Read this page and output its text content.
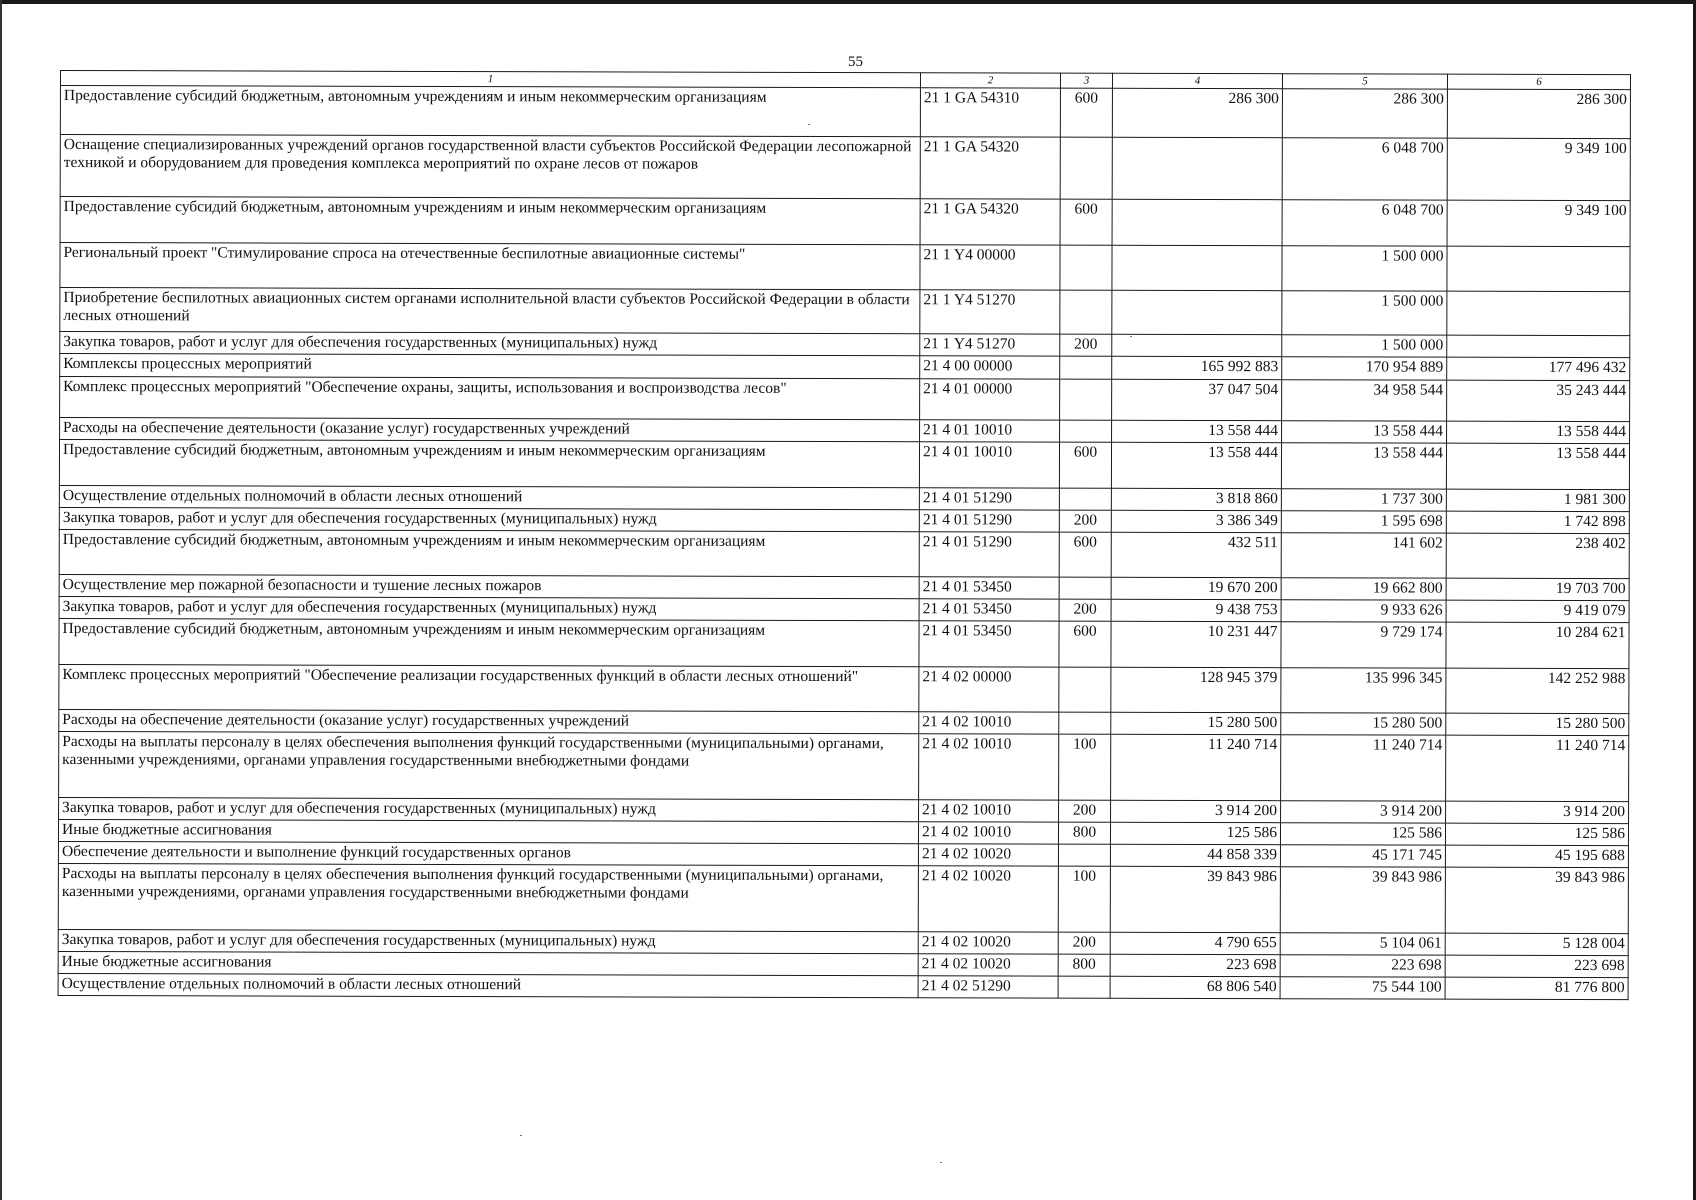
55
1	2	3	4	5	6
Предоставление субсидий бюджетным, автономным учреждениям и иным некоммерческим организациям	21 1 GA 54310	600	286 300	286 300	286 300
Оснащение специализированных учреждений органов государственной власти субъектов Российской Федерации лесопожарной техникой и оборудованием для проведения комплекса мероприятий по охране лесов от пожаров	21 1 GA 54320			6 048 700	9 349 100
Предоставление субсидий бюджетным, автономным учреждениям и иным некоммерческим организациям	21 1 GA 54320	600		6 048 700	9 349 100
Региональный проект "Стимулирование спроса на отечественные беспилотные авиационные системы"	21 1 Y4 00000			1 500 000	
Приобретение беспилотных авиационных систем органами исполнительной власти субъектов Российской Федерации в области лесных отношений	21 1 Y4 51270			1 500 000	
Закупка товаров, работ и услуг для обеспечения государственных (муниципальных) нужд	21 1 Y4 51270	200		1 500 000	
Комплексы процессных мероприятий	21 4 00 00000		165 992 883	170 954 889	177 496 432
Комплекс процессных мероприятий "Обеспечение охраны, защиты, использования и воспроизводства лесов"	21 4 01 00000		37 047 504	34 958 544	35 243 444
Расходы на обеспечение деятельности (оказание услуг) государственных учреждений	21 4 01 10010		13 558 444	13 558 444	13 558 444
Предоставление субсидий бюджетным, автономным учреждениям и иным некоммерческим организациям	21 4 01 10010	600	13 558 444	13 558 444	13 558 444
Осуществление отдельных полномочий в области лесных отношений	21 4 01 51290		3 818 860	1 737 300	1 981 300
Закупка товаров, работ и услуг для обеспечения государственных (муниципальных) нужд	21 4 01 51290	200	3 386 349	1 595 698	1 742 898
Предоставление субсидий бюджетным, автономным учреждениям и иным некоммерческим организациям	21 4 01 51290	600	432 511	141 602	238 402
Осуществление мер пожарной безопасности и тушение лесных пожаров	21 4 01 53450		19 670 200	19 662 800	19 703 700
Закупка товаров, работ и услуг для обеспечения государственных (муниципальных) нужд	21 4 01 53450	200	9 438 753	9 933 626	9 419 079
Предоставление субсидий бюджетным, автономным учреждениям и иным некоммерческим организациям	21 4 01 53450	600	10 231 447	9 729 174	10 284 621
Комплекс процессных мероприятий "Обеспечение реализации государственных функций в области лесных отношений"	21 4 02 00000		128 945 379	135 996 345	142 252 988
Расходы на обеспечение деятельности (оказание услуг) государственных учреждений	21 4 02 10010		15 280 500	15 280 500	15 280 500
Расходы на выплаты персоналу в целях обеспечения выполнения функций государственными (муниципальными) органами, казенными учреждениями, органами управления государственными внебюджетными фондами	21 4 02 10010	100	11 240 714	11 240 714	11 240 714
Закупка товаров, работ и услуг для обеспечения государственных (муниципальных) нужд	21 4 02 10010	200	3 914 200	3 914 200	3 914 200
Иные бюджетные ассигнования	21 4 02 10010	800	125 586	125 586	125 586
Обеспечение деятельности и выполнение функций государственных органов	21 4 02 10020		44 858 339	45 171 745	45 195 688
Расходы на выплаты персоналу в целях обеспечения выполнения функций государственными (муниципальными) органами, казенными учреждениями, органами управления государственными внебюджетными фондами	21 4 02 10020	100	39 843 986	39 843 986	39 843 986
Закупка товаров, работ и услуг для обеспечения государственных (муниципальных) нужд	21 4 02 10020	200	4 790 655	5 104 061	5 128 004
Иные бюджетные ассигнования	21 4 02 10020	800	223 698	223 698	223 698
Осуществление отдельных полномочий в области лесных отношений	21 4 02 51290		68 806 540	75 544 100	81 776 800
